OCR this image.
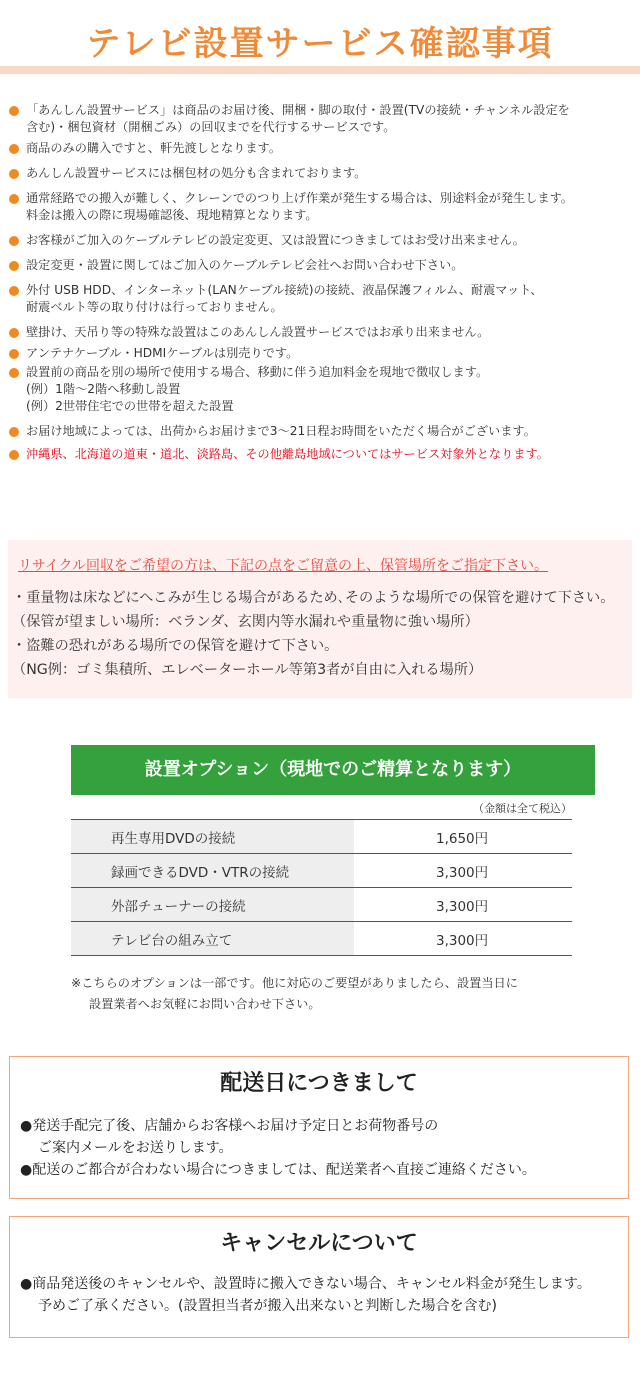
テレビ設置サービス確認事項
「あんしん設置サービス」は商品のお届け後、開梱・脚の取付・設置(TVの接続・チャンネル設定を
含む)・梱包資材（開梱ごみ）の回収までを代行するサービスです。
商品のみの購入ですと、軒先渡しとなります。
あんしん設置サービスには梱包材の処分も含まれております。
通常経路での搬入が難しく、クレーンでのつり上げ作業が発生する場合は、別途料金が発生します。
料金は搬入の際に現場確認後、現地精算となります。
お客様がご加入のケーブルテレビの設定変更、又は設置につきましてはお受け出来ません。
設定変更・設置に関してはご加入のケーブルテレビ会社へお問い合わせ下さい。
外付 USB HDD、インターネット(LANケーブル接続)の接続、液晶保護フィルム、耐震マット、
耐震ベルト等の取り付けは行っておりません。
壁掛け、天吊り等の特殊な設置はこのあんしん設置サービスではお承り出来ません。
アンテナケーブル・HDMIケーブルは別売りです。
設置前の商品を別の場所で使用する場合、移動に伴う追加料金を現地で徴収します。
(例）1階～2階へ移動し設置
(例）2世帯住宅での世帯を超えた設置
お届け地域によっては、出荷からお届けまで3～21日程お時間をいただく場合がございます。
沖縄県、北海道の道東・道北、淡路島、その他離島地域についてはサービス対象外となります。

リサイクル回収をご希望の方は、下記の点をご留意の上、保管場所をご指定下さい。

・重量物は床などにへこみが生じる場合があるため､そのような場所での保管を避けて下さい。
（保管が望ましい場所：ベランダ、玄関内等水漏れや重量物に強い場所）
・盗難の恐れがある場所での保管を避けて下さい。
（NG例：ゴミ集積所、エレベーターホール等第3者が自由に入れる場所）
設置オプション（現地でのご精算となります）
（金額は全て税込）
再生専用DVDの接続	1,650円
録画できるDVD・VTRの接続	3,300円
外部チューナーの接続	3,300円
テレビ台の組み立て	3,300円

※こちらのオプションは一部です。他に対応のご要望がありましたら、設置当日に

設置業者へお気軽にお問い合わせ下さい。

配送日につきまして

●発送手配完了後、店舗からお客様へお届け予定日とお荷物番号の

ご案内メールをお送りします。

●配送のご都合が合わない場合につきましては、配送業者へ直接ご連絡ください。

キャンセルについて

●商品発送後のキャンセルや、設置時に搬入できない場合、キャンセル料金が発生します。

予めご了承ください。(設置担当者が搬入出来ないと判断した場合を含む)
